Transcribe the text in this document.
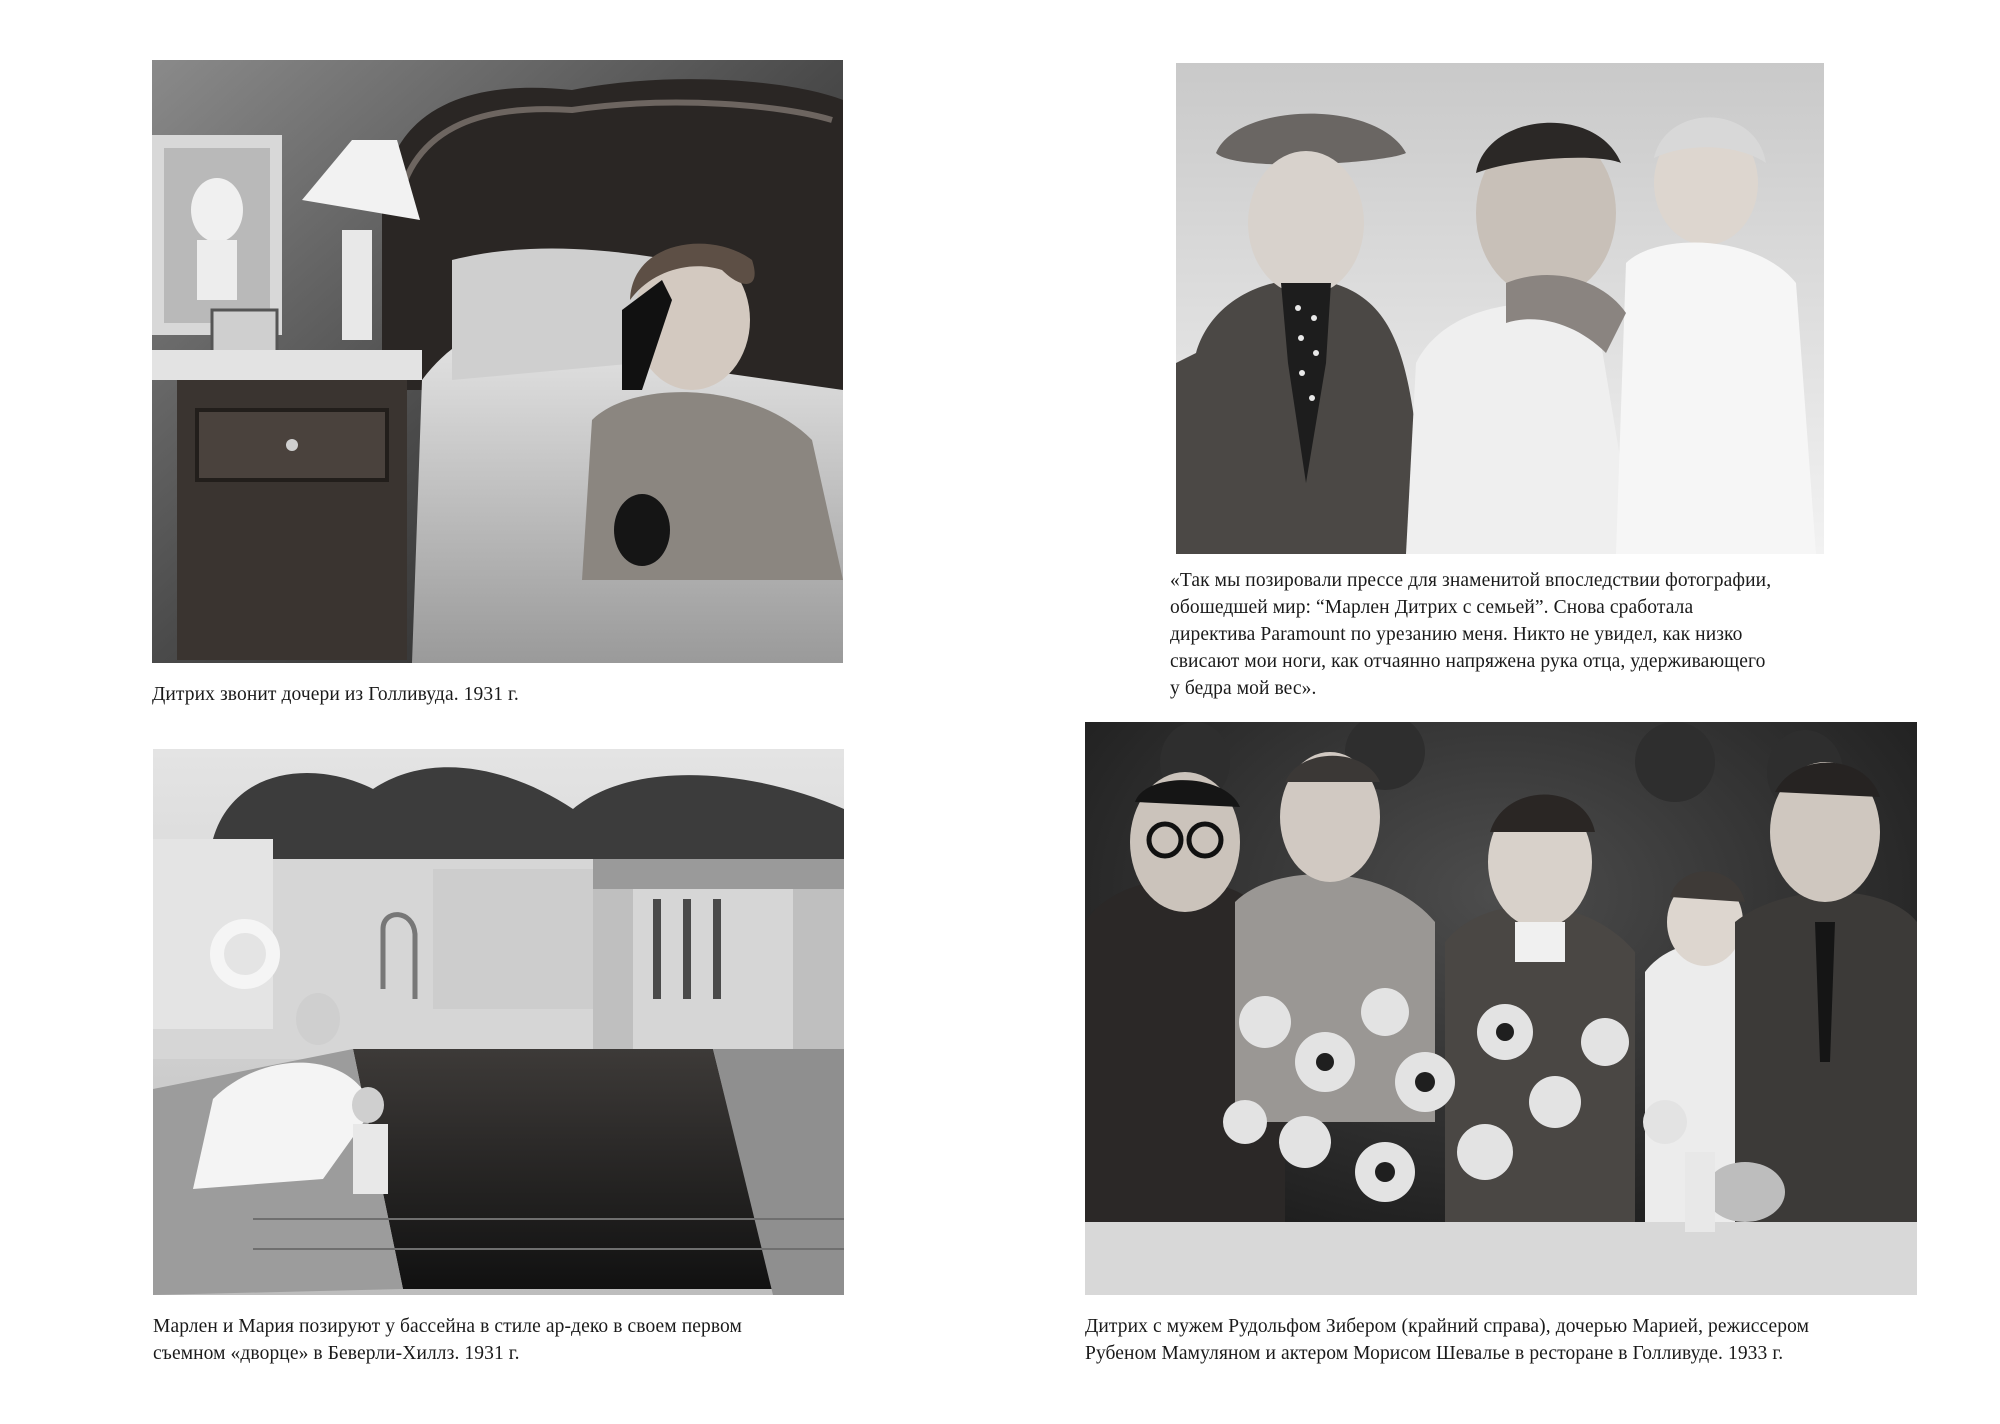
Дитрих звонит дочери из Голливуда. 1931 г.

«Так мы позировали прессе для знаменитой впоследствии фотографии,

обошедшей мир: “Марлен Дитрих с семьей”. Снова сработала

директива Paramount по урезанию меня. Никто не увидел, как низко

свисают мои ноги, как отчаянно напряжена рука отца, удерживающего

у бедра мой вес».

Марлен и Мария позируют у бассейна в стиле ар-деко в своем первом

съемном «дворце» в Беверли-Хиллз. 1931 г.

Дитрих с мужем Рудольфом Зибером (крайний справа), дочерью Марией, режиссером

Рубеном Мамуляном и актером Морисом Шевалье в ресторане в Голливуде. 1933 г.
